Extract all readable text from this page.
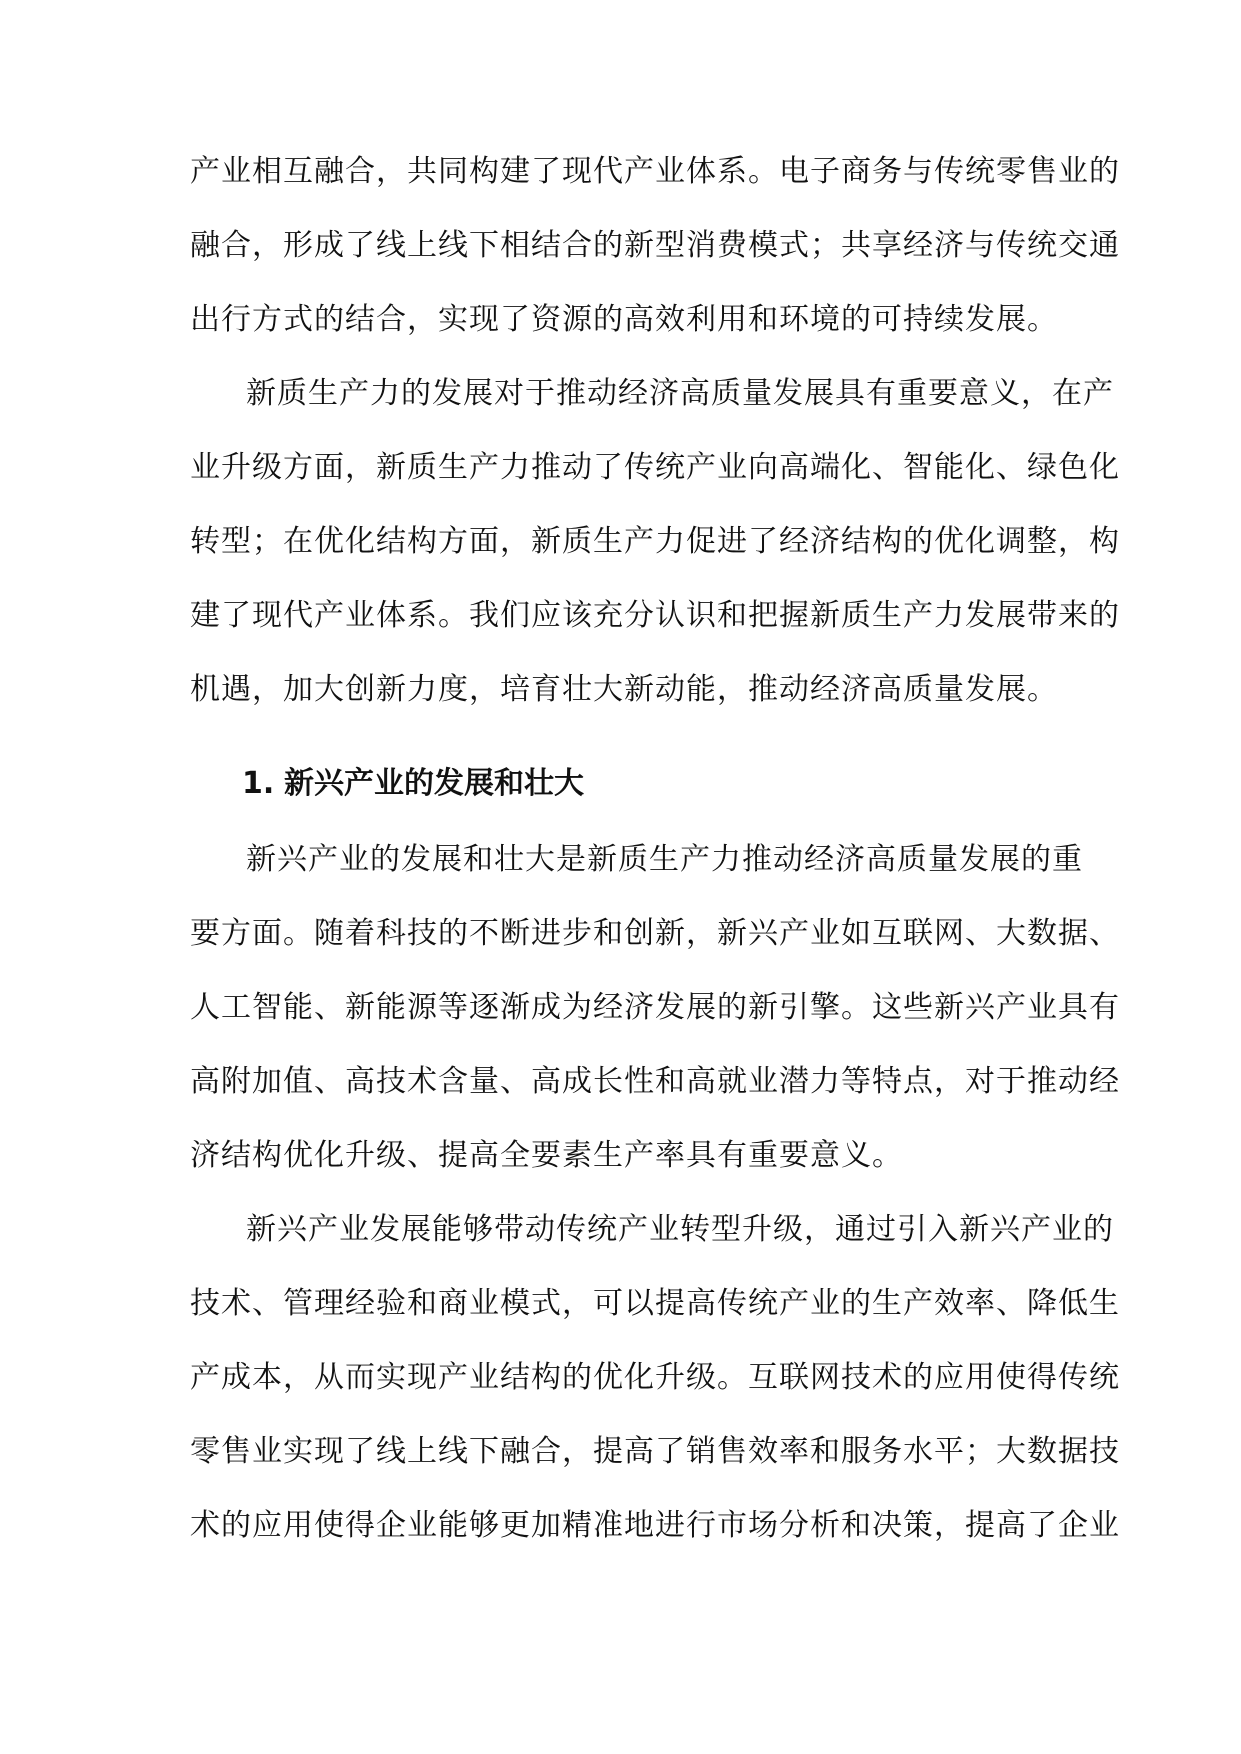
产业相互融合，共同构建了现代产业体系。电子商务与传统零售业的
融合，形成了线上线下相结合的新型消费模式；共享经济与传统交通
出行方式的结合，实现了资源的高效利用和环境的可持续发展。
新质生产力的发展对于推动经济高质量发展具有重要意义，在产
业升级方面，新质生产力推动了传统产业向高端化、智能化、绿色化
转型；在优化结构方面，新质生产力促进了经济结构的优化调整，构
建了现代产业体系。我们应该充分认识和把握新质生产力发展带来的
机遇，加大创新力度，培育壮大新动能，推动经济高质量发展。
1. 新兴产业的发展和壮大
新兴产业的发展和壮大是新质生产力推动经济高质量发展的重
要方面。随着科技的不断进步和创新，新兴产业如互联网、大数据、
人工智能、新能源等逐渐成为经济发展的新引擎。这些新兴产业具有
高附加值、高技术含量、高成长性和高就业潜力等特点，对于推动经
济结构优化升级、提高全要素生产率具有重要意义。
新兴产业发展能够带动传统产业转型升级，通过引入新兴产业的
技术、管理经验和商业模式，可以提高传统产业的生产效率、降低生
产成本，从而实现产业结构的优化升级。互联网技术的应用使得传统
零售业实现了线上线下融合，提高了销售效率和服务水平；大数据技
术的应用使得企业能够更加精准地进行市场分析和决策，提高了企业
